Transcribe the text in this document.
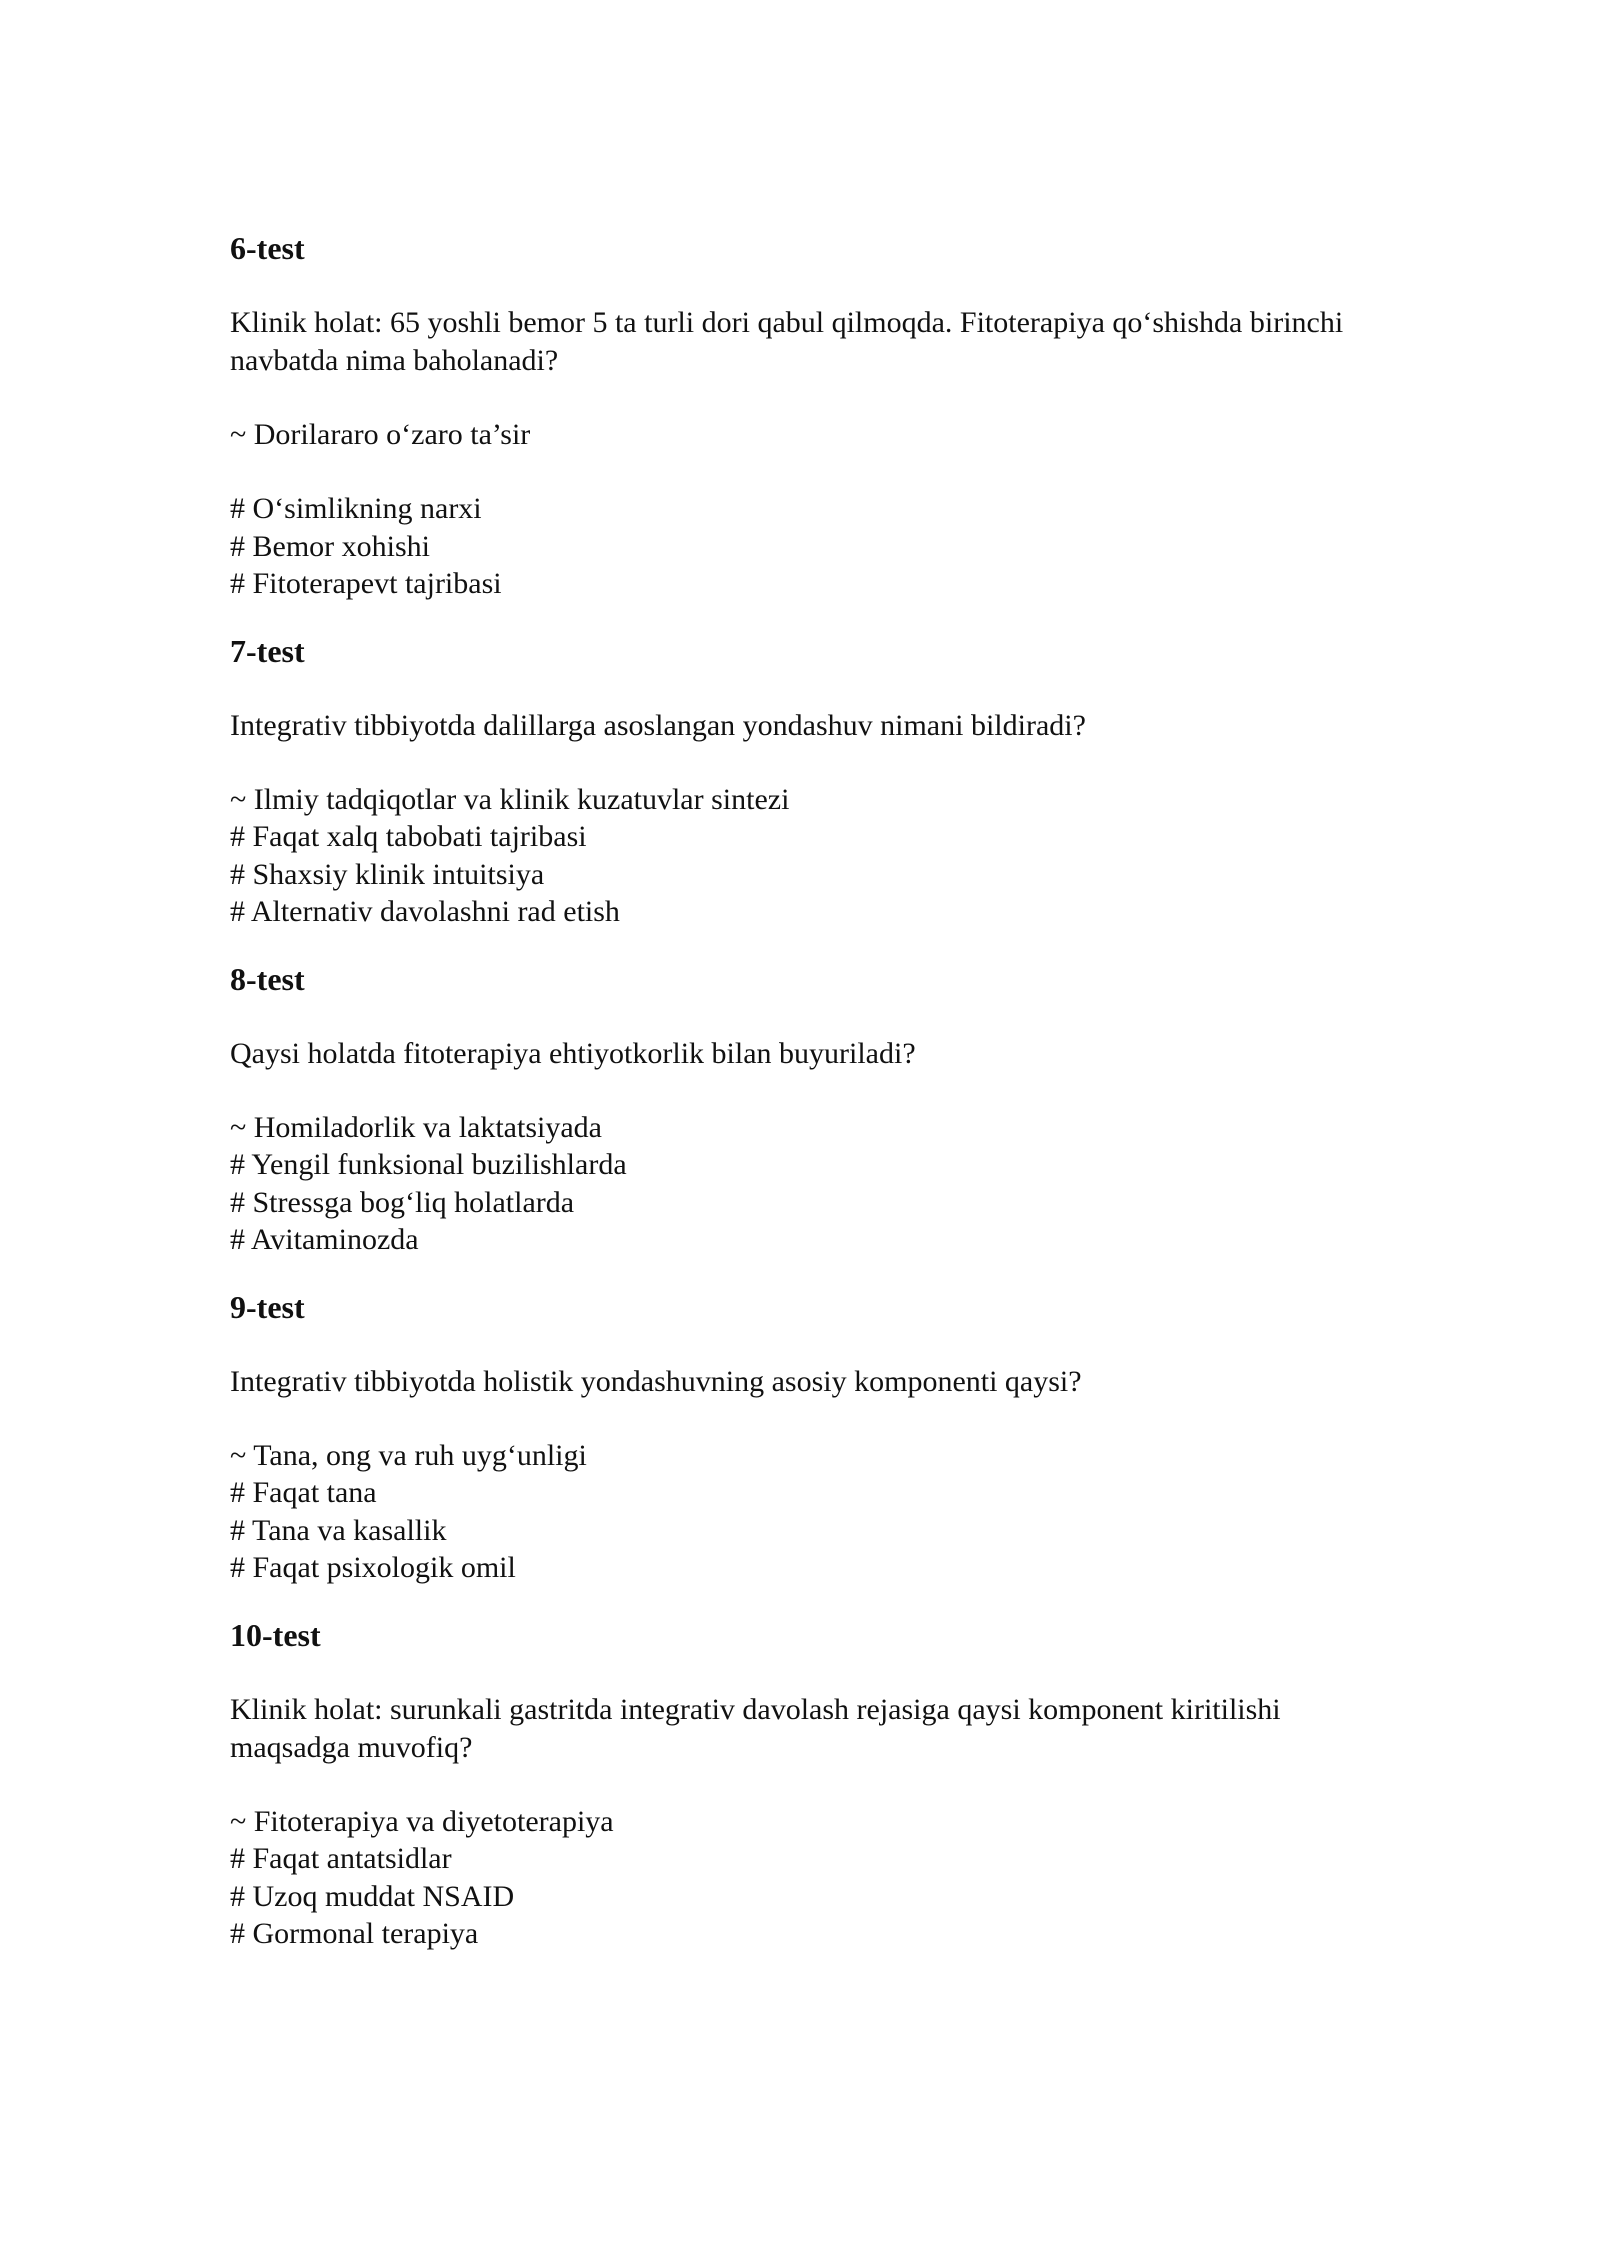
6-test
Klinik holat: 65 yoshli bemor 5 ta turli dori qabul qilmoqda. Fitoterapiya qo‘shishda birinchi
navbatda nima baholanadi?
~ Dorilararo o‘zaro ta’sir
# O‘simlikning narxi
# Bemor xohishi
# Fitoterapevt tajribasi
7-test
Integrativ tibbiyotda dalillarga asoslangan yondashuv nimani bildiradi?
~ Ilmiy tadqiqotlar va klinik kuzatuvlar sintezi
# Faqat xalq tabobati tajribasi
# Shaxsiy klinik intuitsiya
# Alternativ davolashni rad etish
8-test
Qaysi holatda fitoterapiya ehtiyotkorlik bilan buyuriladi?
~ Homiladorlik va laktatsiyada
# Yengil funksional buzilishlarda
# Stressga bog‘liq holatlarda
# Avitaminozda
9-test
Integrativ tibbiyotda holistik yondashuvning asosiy komponenti qaysi?
~ Tana, ong va ruh uyg‘unligi
# Faqat tana
# Tana va kasallik
# Faqat psixologik omil
10-test
Klinik holat: surunkali gastritda integrativ davolash rejasiga qaysi komponent kiritilishi
maqsadga muvofiq?
~ Fitoterapiya va diyetoterapiya
# Faqat antatsidlar
# Uzoq muddat NSAID
# Gormonal terapiya
